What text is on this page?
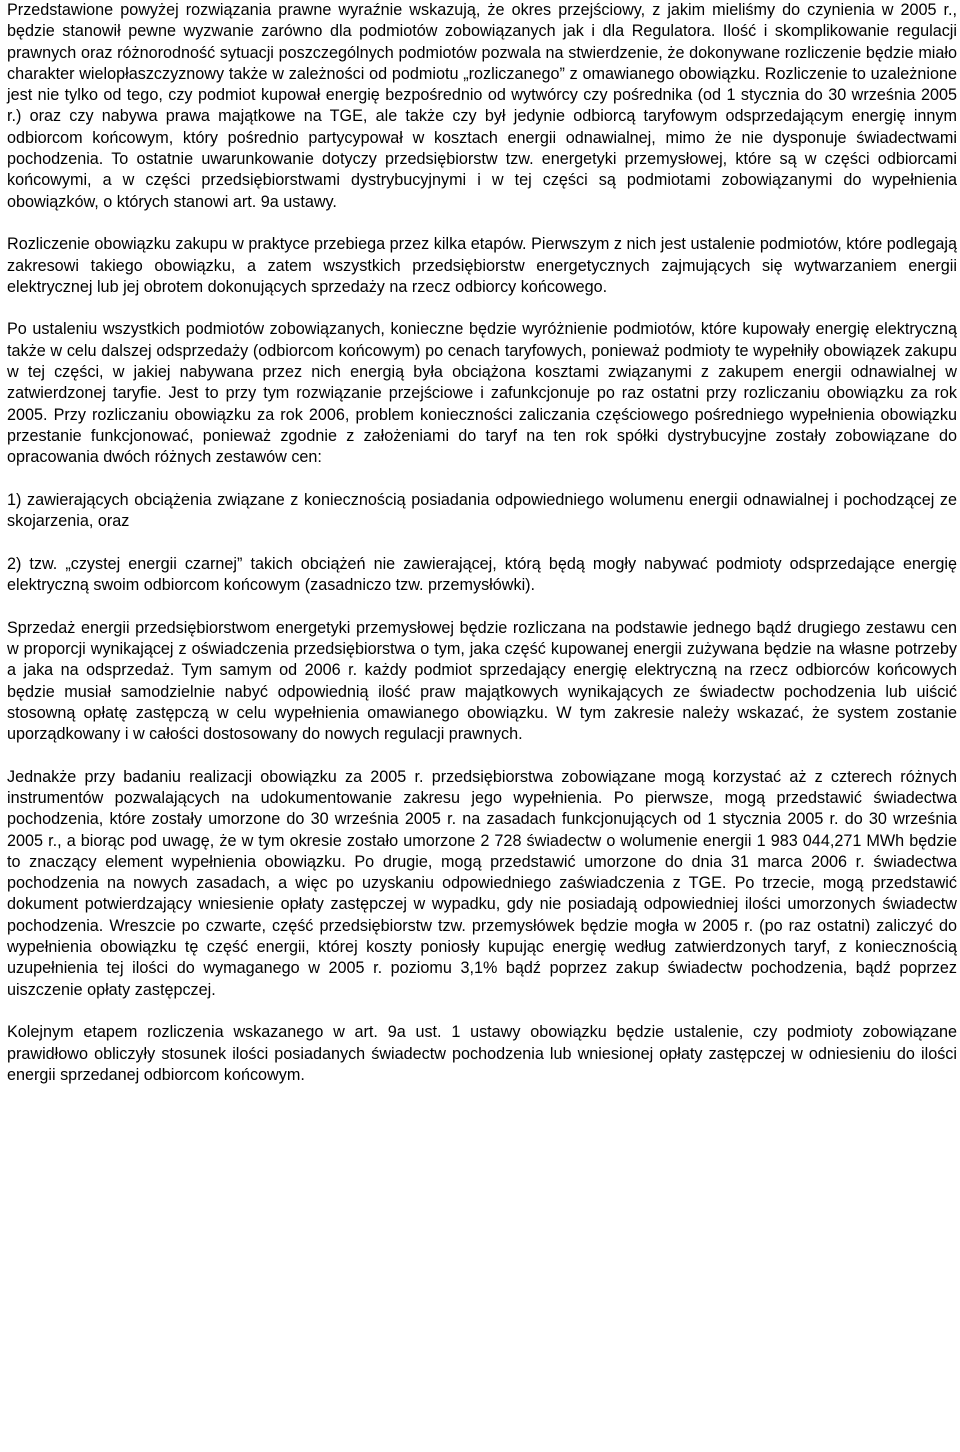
Przedstawione powyżej rozwiązania prawne wyraźnie wskazują, że okres przejściowy, z jakim mieliśmy do czynienia w 2005 r., będzie stanowił pewne wyzwanie zarówno dla podmiotów zobowiązanych jak i dla Regulatora. Ilość i skomplikowanie regulacji prawnych oraz różnorodność sytuacji poszczególnych podmiotów pozwala na stwierdzenie, że dokonywane rozliczenie będzie miało charakter wielopłaszczyznowy także w zależności od podmiotu „rozliczanego” z omawianego obowiązku. Rozliczenie to uzależnione jest nie tylko od tego, czy podmiot kupował energię bezpośrednio od wytwórcy czy pośrednika (od 1 stycznia do 30 września 2005 r.) oraz czy nabywa prawa majątkowe na TGE, ale także czy był jedynie odbiorcą taryfowym odsprzedającym energię innym odbiorcom końcowym, który pośrednio partycypował w kosztach energii odnawialnej, mimo że nie dysponuje świadectwami pochodzenia. To ostatnie uwarunkowanie dotyczy przedsiębiorstw tzw. energetyki przemysłowej, które są w części odbiorcami końcowymi, a w części przedsiębiorstwami dystrybucyjnymi i w tej części są podmiotami zobowiązanymi do wypełnienia obowiązków, o których stanowi art. 9a ustawy.

Rozliczenie obowiązku zakupu w praktyce przebiega przez kilka etapów. Pierwszym z nich jest ustalenie podmiotów, które podlegają zakresowi takiego obowiązku, a zatem wszystkich przedsiębiorstw energetycznych zajmujących się wytwarzaniem energii elektrycznej lub jej obrotem dokonujących sprzedaży na rzecz odbiorcy końcowego.

Po ustaleniu wszystkich podmiotów zobowiązanych, konieczne będzie wyróżnienie podmiotów, które kupowały energię elektryczną także w celu dalszej odsprzedaży (odbiorcom końcowym) po cenach taryfowych, ponieważ podmioty te wypełniły obowiązek zakupu w tej części, w jakiej nabywana przez nich energią była obciążona kosztami związanymi z zakupem energii odnawialnej w zatwierdzonej taryfie. Jest to przy tym rozwiązanie przejściowe i zafunkcjonuje po raz ostatni przy rozliczaniu obowiązku za rok 2005. Przy rozliczaniu obowiązku za rok 2006, problem konieczności zaliczania częściowego pośredniego wypełnienia obowiązku przestanie funkcjonować, ponieważ zgodnie z założeniami do taryf na ten rok spółki dystrybucyjne zostały zobowiązane do opracowania dwóch różnych zestawów cen:

1) zawierających obciążenia związane z koniecznością posiadania odpowiedniego wolumenu energii odnawialnej i pochodzącej ze skojarzenia, oraz

2) tzw. „czystej energii czarnej” takich obciążeń nie zawierającej, którą będą mogły nabywać podmioty odsprzedające energię elektryczną swoim odbiorcom końcowym (zasadniczo tzw. przemysłówki).

Sprzedaż energii przedsiębiorstwom energetyki przemysłowej będzie rozliczana na podstawie jednego bądź drugiego zestawu cen w proporcji wynikającej z oświadczenia przedsiębiorstwa o tym, jaka część kupowanej energii zużywana będzie na własne potrzeby a jaka na odsprzedaż. Tym samym od 2006 r. każdy podmiot sprzedający energię elektryczną na rzecz odbiorców końcowych będzie musiał samodzielnie nabyć odpowiednią ilość praw majątkowych wynikających ze świadectw pochodzenia lub uiścić stosowną opłatę zastępczą w celu wypełnienia omawianego obowiązku. W tym zakresie należy wskazać, że system zostanie uporządkowany i w całości dostosowany do nowych regulacji prawnych.

Jednakże przy badaniu realizacji obowiązku za 2005 r. przedsiębiorstwa zobowiązane mogą korzystać aż z czterech różnych instrumentów pozwalających na udokumentowanie zakresu jego wypełnienia. Po pierwsze, mogą przedstawić świadectwa pochodzenia, które zostały umorzone do 30 września 2005 r. na zasadach funkcjonujących od 1 stycznia 2005 r. do 30 września 2005 r., a biorąc pod uwagę, że w tym okresie zostało umorzone 2 728 świadectw o wolumenie energii 1 983 044,271 MWh będzie to znaczący element wypełnienia obowiązku. Po drugie, mogą przedstawić umorzone do dnia 31 marca 2006 r. świadectwa pochodzenia na nowych zasadach, a więc po uzyskaniu odpowiedniego zaświadczenia z TGE. Po trzecie, mogą przedstawić dokument potwierdzający wniesienie opłaty zastępczej w wypadku, gdy nie posiadają odpowiedniej ilości umorzonych świadectw pochodzenia. Wreszcie po czwarte, część przedsiębiorstw tzw. przemysłówek będzie mogła w 2005 r. (po raz ostatni) zaliczyć do wypełnienia obowiązku tę część energii, której koszty poniosły kupując energię według zatwierdzonych taryf, z koniecznością uzupełnienia tej ilości do wymaganego w 2005 r. poziomu 3,1% bądź poprzez zakup świadectw pochodzenia, bądź poprzez uiszczenie opłaty zastępczej.

Kolejnym etapem rozliczenia wskazanego w art. 9a ust. 1 ustawy obowiązku będzie ustalenie, czy podmioty zobowiązane prawidłowo obliczyły stosunek ilości posiadanych świadectw pochodzenia lub wniesionej opłaty zastępczej w odniesieniu do ilości energii sprzedanej odbiorcom końcowym.
